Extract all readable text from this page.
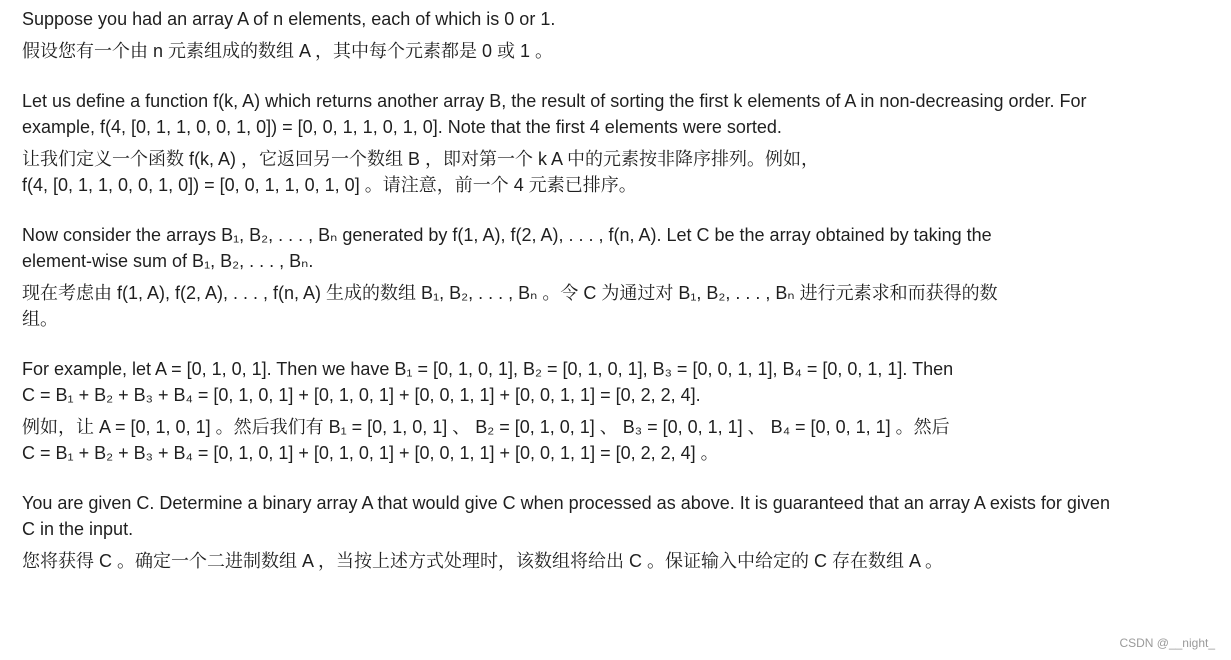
Suppose you had an array A of n elements, each of which is 0 or 1.
假设您有一个由 n 元素组成的数组 A ，其中每个元素都是 0 或 1 。
Let us define a function f(k, A) which returns another array B, the result of sorting the first k elements of A in non-decreasing order. For
example, f(4, [0, 1, 1, 0, 0, 1, 0]) = [0, 0, 1, 1, 0, 1, 0]. Note that the first 4 elements were sorted.
让我们定义一个函数 f(k, A) ，它返回另一个数组 B ，即对第一个 k A 中的元素按非降序排列。例如，
f(4, [0, 1, 1, 0, 0, 1, 0]) = [0, 0, 1, 1, 0, 1, 0] 。请注意，前一个 4 元素已排序。
Now consider the arrays B₁, B₂, . . . , Bₙ generated by f(1, A), f(2, A), . . . , f(n, A). Let C be the array obtained by taking the
element-wise sum of B₁, B₂, . . . , Bₙ.
现在考虑由 f(1, A), f(2, A), . . . , f(n, A) 生成的数组 B₁, B₂, . . . , Bₙ 。令 C 为通过对 B₁, B₂, . . . , Bₙ 进行元素求和而获得的数
组。
For example, let A = [0, 1, 0, 1]. Then we have B₁ = [0, 1, 0, 1], B₂ = [0, 1, 0, 1], B₃ = [0, 0, 1, 1], B₄ = [0, 0, 1, 1]. Then
C = B₁ + B₂ + B₃ + B₄ = [0, 1, 0, 1] + [0, 1, 0, 1] + [0, 0, 1, 1] + [0, 0, 1, 1] = [0, 2, 2, 4].
例如，让 A = [0, 1, 0, 1] 。然后我们有 B₁ = [0, 1, 0, 1] 、 B₂ = [0, 1, 0, 1] 、 B₃ = [0, 0, 1, 1] 、 B₄ = [0, 0, 1, 1] 。然后
C = B₁ + B₂ + B₃ + B₄ = [0, 1, 0, 1] + [0, 1, 0, 1] + [0, 0, 1, 1] + [0, 0, 1, 1] = [0, 2, 2, 4] 。
You are given C. Determine a binary array A that would give C when processed as above. It is guaranteed that an array A exists for given
C in the input.
您将获得 C 。确定一个二进制数组 A ，当按上述方式处理时，该数组将给出 C 。保证输入中给定的 C 存在数组 A 。
CSDN @__night_
